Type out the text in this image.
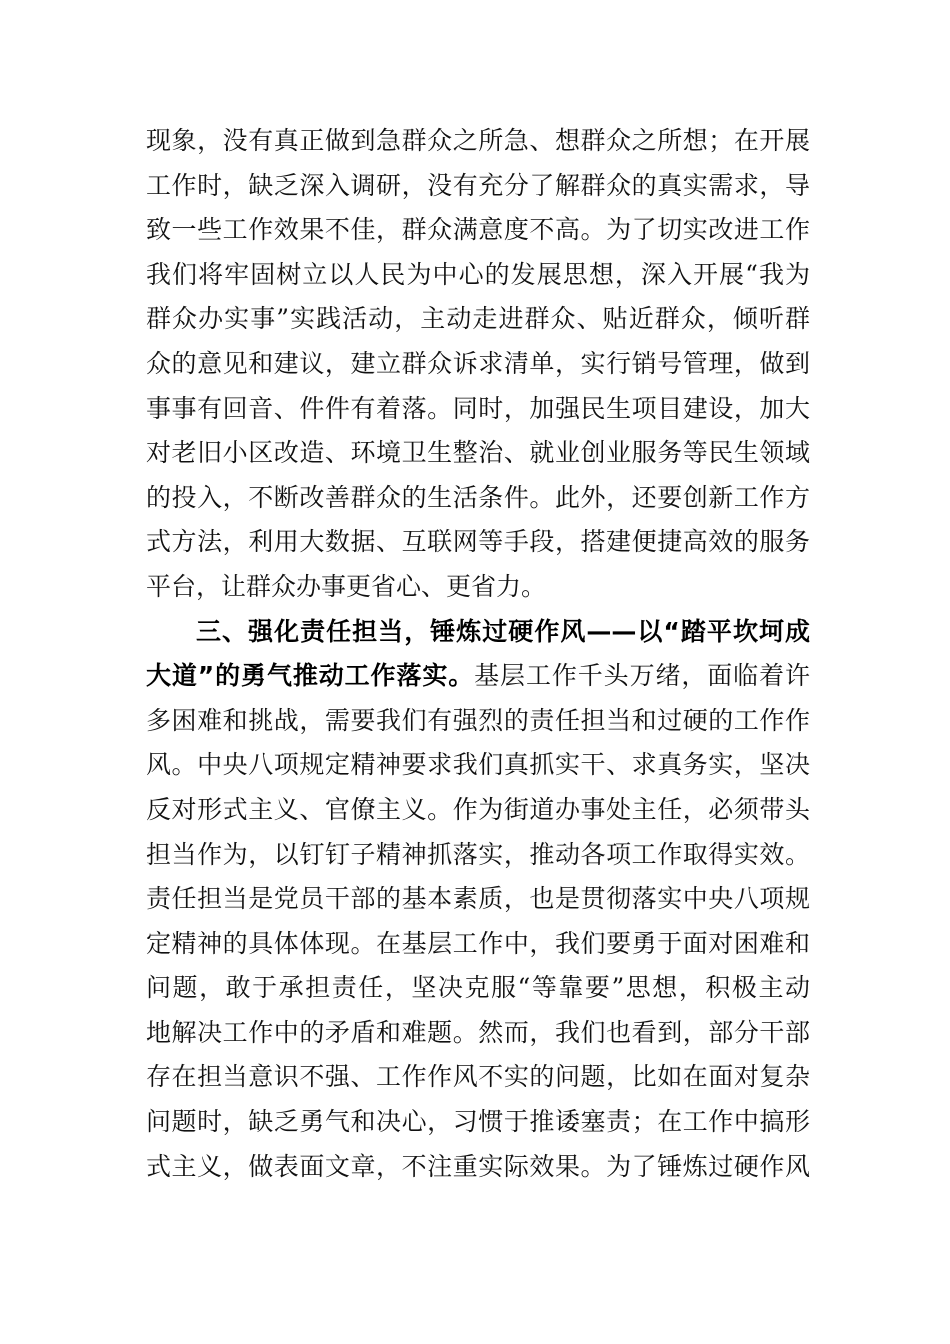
现象，没有真正做到急群众之所急、想群众之所想；在开展
工作时，缺乏深入调研，没有充分了解群众的真实需求，导
致一些工作效果不佳，群众满意度不高。为了切实改进工作
我们将牢固树立以人民为中心的发展思想，深入开展“我为
群众办实事”实践活动，主动走进群众、贴近群众，倾听群
众的意见和建议，建立群众诉求清单，实行销号管理，做到
事事有回音、件件有着落。同时，加强民生项目建设，加大
对老旧小区改造、环境卫生整治、就业创业服务等民生领域
的投入，不断改善群众的生活条件。此外，还要创新工作方
式方法，利用大数据、互联网等手段，搭建便捷高效的服务
平台，让群众办事更省心、更省力。
三、强化责任担当，锤炼过硬作风——以“踏平坎坷成
大道”的勇气推动工作落实。基层工作千头万绪，面临着许
多困难和挑战，需要我们有强烈的责任担当和过硬的工作作
风。中央八项规定精神要求我们真抓实干、求真务实，坚决
反对形式主义、官僚主义。作为街道办事处主任，必须带头
担当作为，以钉钉子精神抓落实，推动各项工作取得实效。
责任担当是党员干部的基本素质，也是贯彻落实中央八项规
定精神的具体体现。在基层工作中，我们要勇于面对困难和
问题，敢于承担责任，坚决克服“等靠要”思想，积极主动
地解决工作中的矛盾和难题。然而，我们也看到，部分干部
存在担当意识不强、工作作风不实的问题，比如在面对复杂
问题时，缺乏勇气和决心，习惯于推诿塞责；在工作中搞形
式主义，做表面文章，不注重实际效果。为了锤炼过硬作风
